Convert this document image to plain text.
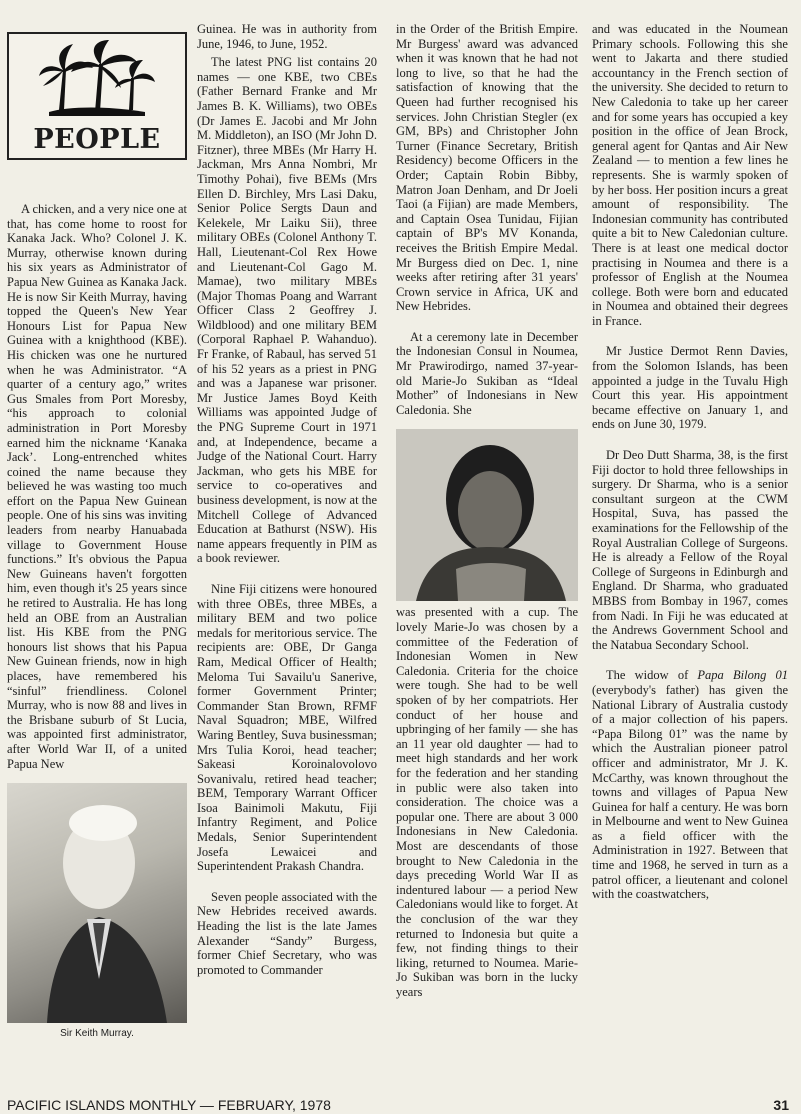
PEOPLE

A chicken, and a very nice one at that, has come home to roost for Kanaka Jack. Who? Colonel J. K. Murray, otherwise known during his six years as Administrator of Papua New Guinea as Kanaka Jack. He is now Sir Keith Murray, having topped the Queen's New Year Honours List for Papua New Guinea with a knighthood (KBE). His chicken was one he nurtured when he was Administrator. “A quarter of a century ago,” writes Gus Smales from Port Moresby, “his approach to colonial administration in Port Moresby earned him the nickname ‘Kanaka Jack’. Long-entrenched whites coined the name because they believed he was wasting too much effort on the Papua New Guinean people. One of his sins was inviting leaders from nearby Hanuabada village to Government House functions.” It's obvious the Papua New Guineans haven't forgotten him, even though it's 25 years since he retired to Australia. He has long held an OBE from an Australian list. His KBE from the PNG honours list shows that his Papua New Guinean friends, now in high places, have remembered his “sinful” friendliness. Colonel Murray, who is now 88 and lives in the Brisbane suburb of St Lucia, was appointed first administrator, after World War II, of a united Papua New

Sir Keith Murray.

Guinea. He was in authority from June, 1946, to June, 1952.

The latest PNG list contains 20 names — one KBE, two CBEs (Father Bernard Franke and Mr James B. K. Williams), two OBEs (Dr James E. Jacobi and Mr John M. Middleton), an ISO (Mr John D. Fitzner), three MBEs (Mr Harry H. Jackman, Mrs Anna Nombri, Mr Timothy Pohai), five BEMs (Mrs Ellen D. Birchley, Mrs Lasi Daku, Senior Police Sergts Daun and Kelekele, Mr Laiku Sii), three military OBEs (Colonel Anthony T. Hall, Lieutenant-Col Rex Howe and Lieutenant-Col Gago M. Mamae), two military MBEs (Major Thomas Poang and Warrant Officer Class 2 Geoffrey J. Wildblood) and one military BEM (Corporal Raphael P. Wahanduo). Fr Franke, of Rabaul, has served 51 of his 52 years as a priest in PNG and was a Japanese war prisoner. Mr Justice James Boyd Keith Williams was appointed Judge of the PNG Supreme Court in 1971 and, at Independence, became a Judge of the National Court. Harry Jackman, who gets his MBE for service to co-operatives and business development, is now at the Mitchell College of Advanced Education at Bathurst (NSW). His name appears frequently in PIM as a book reviewer.

Nine Fiji citizens were honoured with three OBEs, three MBEs, a military BEM and two police medals for meritorious service. The recipients are: OBE, Dr Ganga Ram, Medical Officer of Health; Meloma Tui Savailu'u Sanerive, former Government Printer; Commander Stan Brown, RFMF Naval Squadron; MBE, Wilfred Waring Bentley, Suva businessman; Mrs Tulia Koroi, head teacher; Sakeasi Koroinalovolovo Sovanivalu, retired head teacher; BEM, Temporary Warrant Officer Isoa Bainimoli Makutu, Fiji Infantry Regiment, and Police Medals, Senior Superintendent Josefa Lewaicei and Superintendent Prakash Chandra.

Seven people associated with the New Hebrides received awards. Heading the list is the late James Alexander “Sandy” Burgess, former Chief Secretary, who was promoted to Commander

in the Order of the British Empire. Mr Burgess' award was advanced when it was known that he had not long to live, so that he had the satisfaction of knowing that the Queen had further recognised his services. John Christian Stegler (ex GM, BPs) and Christopher John Turner (Finance Secretary, British Residency) become Officers in the Order; Captain Robin Bibby, Matron Joan Denham, and Dr Joeli Taoi (a Fijian) are made Members, and Captain Osea Tunidau, Fijian captain of BP's MV Konanda, receives the British Empire Medal. Mr Burgess died on Dec. 1, nine weeks after retiring after 31 years' Crown service in Africa, UK and New Hebrides.

At a ceremony late in December the Indonesian Consul in Noumea, Mr Prawirodirgo, named 37-year-old Marie-Jo Sukiban as “Ideal Mother” of Indonesians in New Caledonia. She

was presented with a cup. The lovely Marie-Jo was chosen by a committee of the Federation of Indonesian Women in New Caledonia. Criteria for the choice were tough. She had to be well spoken of by her compatriots. Her conduct of her house and upbringing of her family — she has an 11 year old daughter — had to meet high standards and her work for the federation and her standing in public were also taken into consideration. The choice was a popular one. There are about 3 000 Indonesians in New Caledonia. Most are descendants of those brought to New Caledonia in the days preceding World War II as indentured labour — a period New Caledonians would like to forget. At the conclusion of the war they returned to Indonesia but quite a few, not finding things to their liking, returned to Noumea. Marie-Jo Sukiban was born in the lucky years

and was educated in the Noumean Primary schools. Following this she went to Jakarta and there studied accountancy in the French section of the university. She decided to return to New Caledonia to take up her career and for some years has occupied a key position in the office of Jean Brock, general agent for Qantas and Air New Zealand — to mention a few lines he represents. She is warmly spoken of by her boss. Her position incurs a great amount of responsibility. The Indonesian community has contributed quite a bit to New Caledonian culture. There is at least one medical doctor practising in Noumea and there is a professor of English at the Noumea college. Both were born and educated in Noumea and obtained their degrees in France.

Mr Justice Dermot Renn Davies, from the Solomon Islands, has been appointed a judge in the Tuvalu High Court this year. His appointment became effective on January 1, and ends on June 30, 1979.

Dr Deo Dutt Sharma, 38, is the first Fiji doctor to hold three fellowships in surgery. Dr Sharma, who is a senior consultant surgeon at the CWM Hospital, Suva, has passed the examinations for the Fellowship of the Royal Australian College of Surgeons. He is already a Fellow of the Royal College of Surgeons in Edinburgh and England. Dr Sharma, who graduated MBBS from Bombay in 1967, comes from Nadi. In Fiji he was educated at the Andrews Government School and the Natabua Secondary School.

The widow of Papa Bilong 01 (everybody's father) has given the National Library of Australia custody of a major collection of his papers. “Papa Bilong 01” was the name by which the Australian pioneer patrol officer and administrator, Mr J. K. McCarthy, was known throughout the towns and villages of Papua New Guinea for half a century. He was born in Melbourne and went to New Guinea as a field officer with the Administration in 1927. Between that time and 1968, he served in turn as a patrol officer, a lieutenant and colonel with the coastwatchers,

PACIFIC ISLANDS MONTHLY — FEBRUARY, 1978	31
